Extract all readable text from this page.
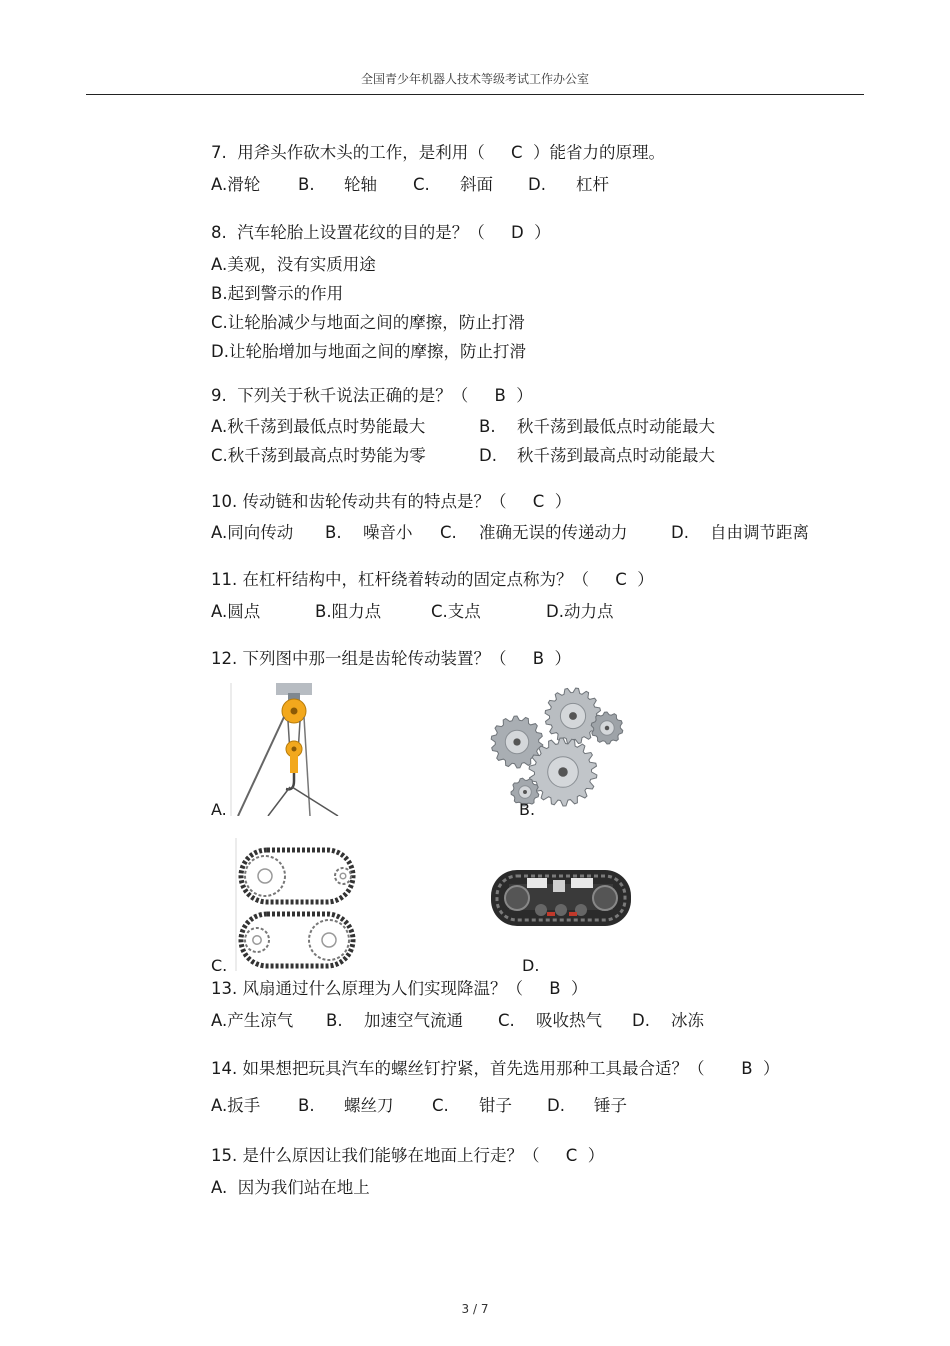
全国青少年机器人技术等级考试工作办公室
7.  用斧头作砍木头的工作，是利用（     C  ）能省力的原理。

A.滑轮

B.

轮轴

C.

斜面

D.

杠杆

8.  汽车轮胎上设置花纹的目的是？（     D  ）
A.美观，没有实质用途
B.起到警示的作用
C.让轮胎减少与地面之间的摩擦，防止打滑
D.让轮胎增加与地面之间的摩擦，防止打滑
9.  下列关于秋千说法正确的是？（     B  ）

A.秋千荡到最低点时势能最大

	B.

秋千荡到最低点时动能最大

C.秋千荡到最高点时势能为零

	D.

秋千荡到最高点时动能最大

10. 传动链和齿轮传动共有的特点是？（     C  ）

A.同向传动

B.

噪音小

C.

准确无误的传递动力

	D.

自由调节距离

11. 在杠杆结构中，杠杆绕着转动的固定点称为？（     C  ）

A.圆点

	B.阻力点

	C.支点

	D.动力点

12. 下列图中那一组是齿轮传动装置？（     B  ）
A.	B.
C.	D.
13. 风扇通过什么原理为人们实现降温？（     B  ）

A.产生凉气

B.

加速空气流通

C.

吸收热气

D.

冰冻

14. 如果想把玩具汽车的螺丝钉拧紧，首先选用那种工具最合适？（       B  ）

A.扳手

B.

螺丝刀

C.

钳子

D.

锤子

15. 是什么原因让我们能够在地面上行走？（     C  ）
A.  因为我们站在地上
3 / 7
